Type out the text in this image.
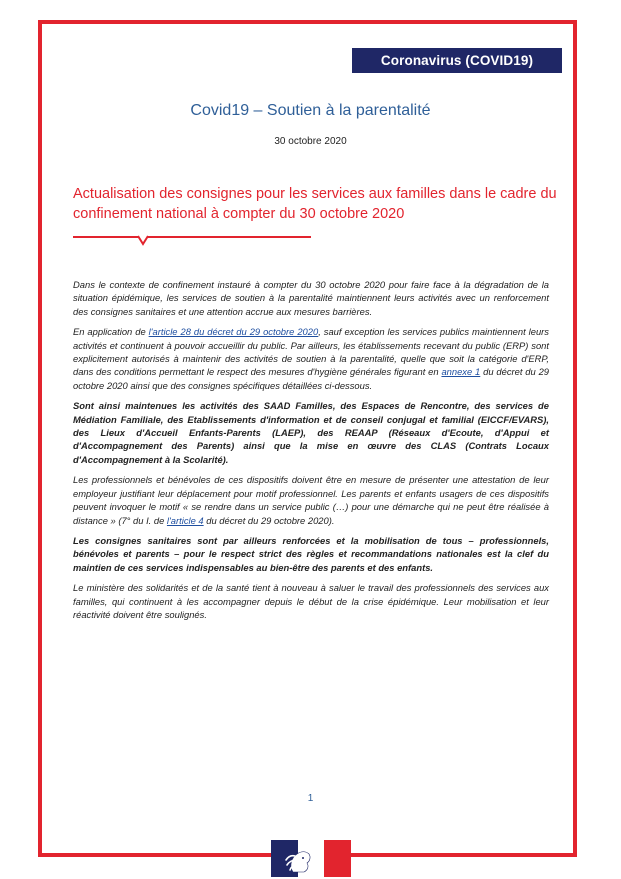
Coronavirus (COVID19)
Covid19 – Soutien à la parentalité
30 octobre 2020
Actualisation des consignes pour les services aux familles dans le cadre du confinement national à compter du 30 octobre 2020

Dans le contexte de confinement instauré à compter du 30 octobre 2020 pour faire face à la dégradation de la situation épidémique, les services de soutien à la parentalité maintiennent leurs activités avec un renforcement des consignes sanitaires et une attention accrue aux mesures barrières.

En application de l'article 28 du décret du 29 octobre 2020, sauf exception les services publics maintiennent leurs activités et continuent à pouvoir accueillir du public. Par ailleurs, les établissements recevant du public (ERP) sont explicitement autorisés à maintenir des activités de soutien à la parentalité, quelle que soit la catégorie d'ERP, dans des conditions permettant le respect des mesures d'hygiène générales figurant en annexe 1 du décret du 29 octobre 2020 ainsi que des consignes spécifiques détaillées ci-dessous.

Sont ainsi maintenues les activités des SAAD Familles, des Espaces de Rencontre, des services de Médiation Familiale, des Etablissements d'information et de conseil conjugal et familial (EICCF/EVARS), des Lieux d'Accueil Enfants-Parents (LAEP), des REAAP (Réseaux d'Ecoute, d'Appui et d'Accompagnement des Parents) ainsi que la mise en œuvre des CLAS (Contrats Locaux d'Accompagnement à la Scolarité).

Les professionnels et bénévoles de ces dispositifs doivent être en mesure de présenter une attestation de leur employeur justifiant leur déplacement pour motif professionnel. Les parents et enfants usagers de ces dispositifs peuvent invoquer le motif « se rendre dans un service public (…) pour une démarche qui ne peut être réalisée à distance » (7° du I. de l'article 4 du décret du 29 octobre 2020).

Les consignes sanitaires sont par ailleurs renforcées et la mobilisation de tous – professionnels, bénévoles et parents – pour le respect strict des règles et recommandations nationales est la clef du maintien de ces services indispensables au bien-être des parents et des enfants.

Le ministère des solidarités et de la santé tient à nouveau à saluer le travail des professionnels des services aux familles, qui continuent à les accompagner depuis le début de la crise épidémique. Leur mobilisation et leur réactivité doivent être soulignés.

1
